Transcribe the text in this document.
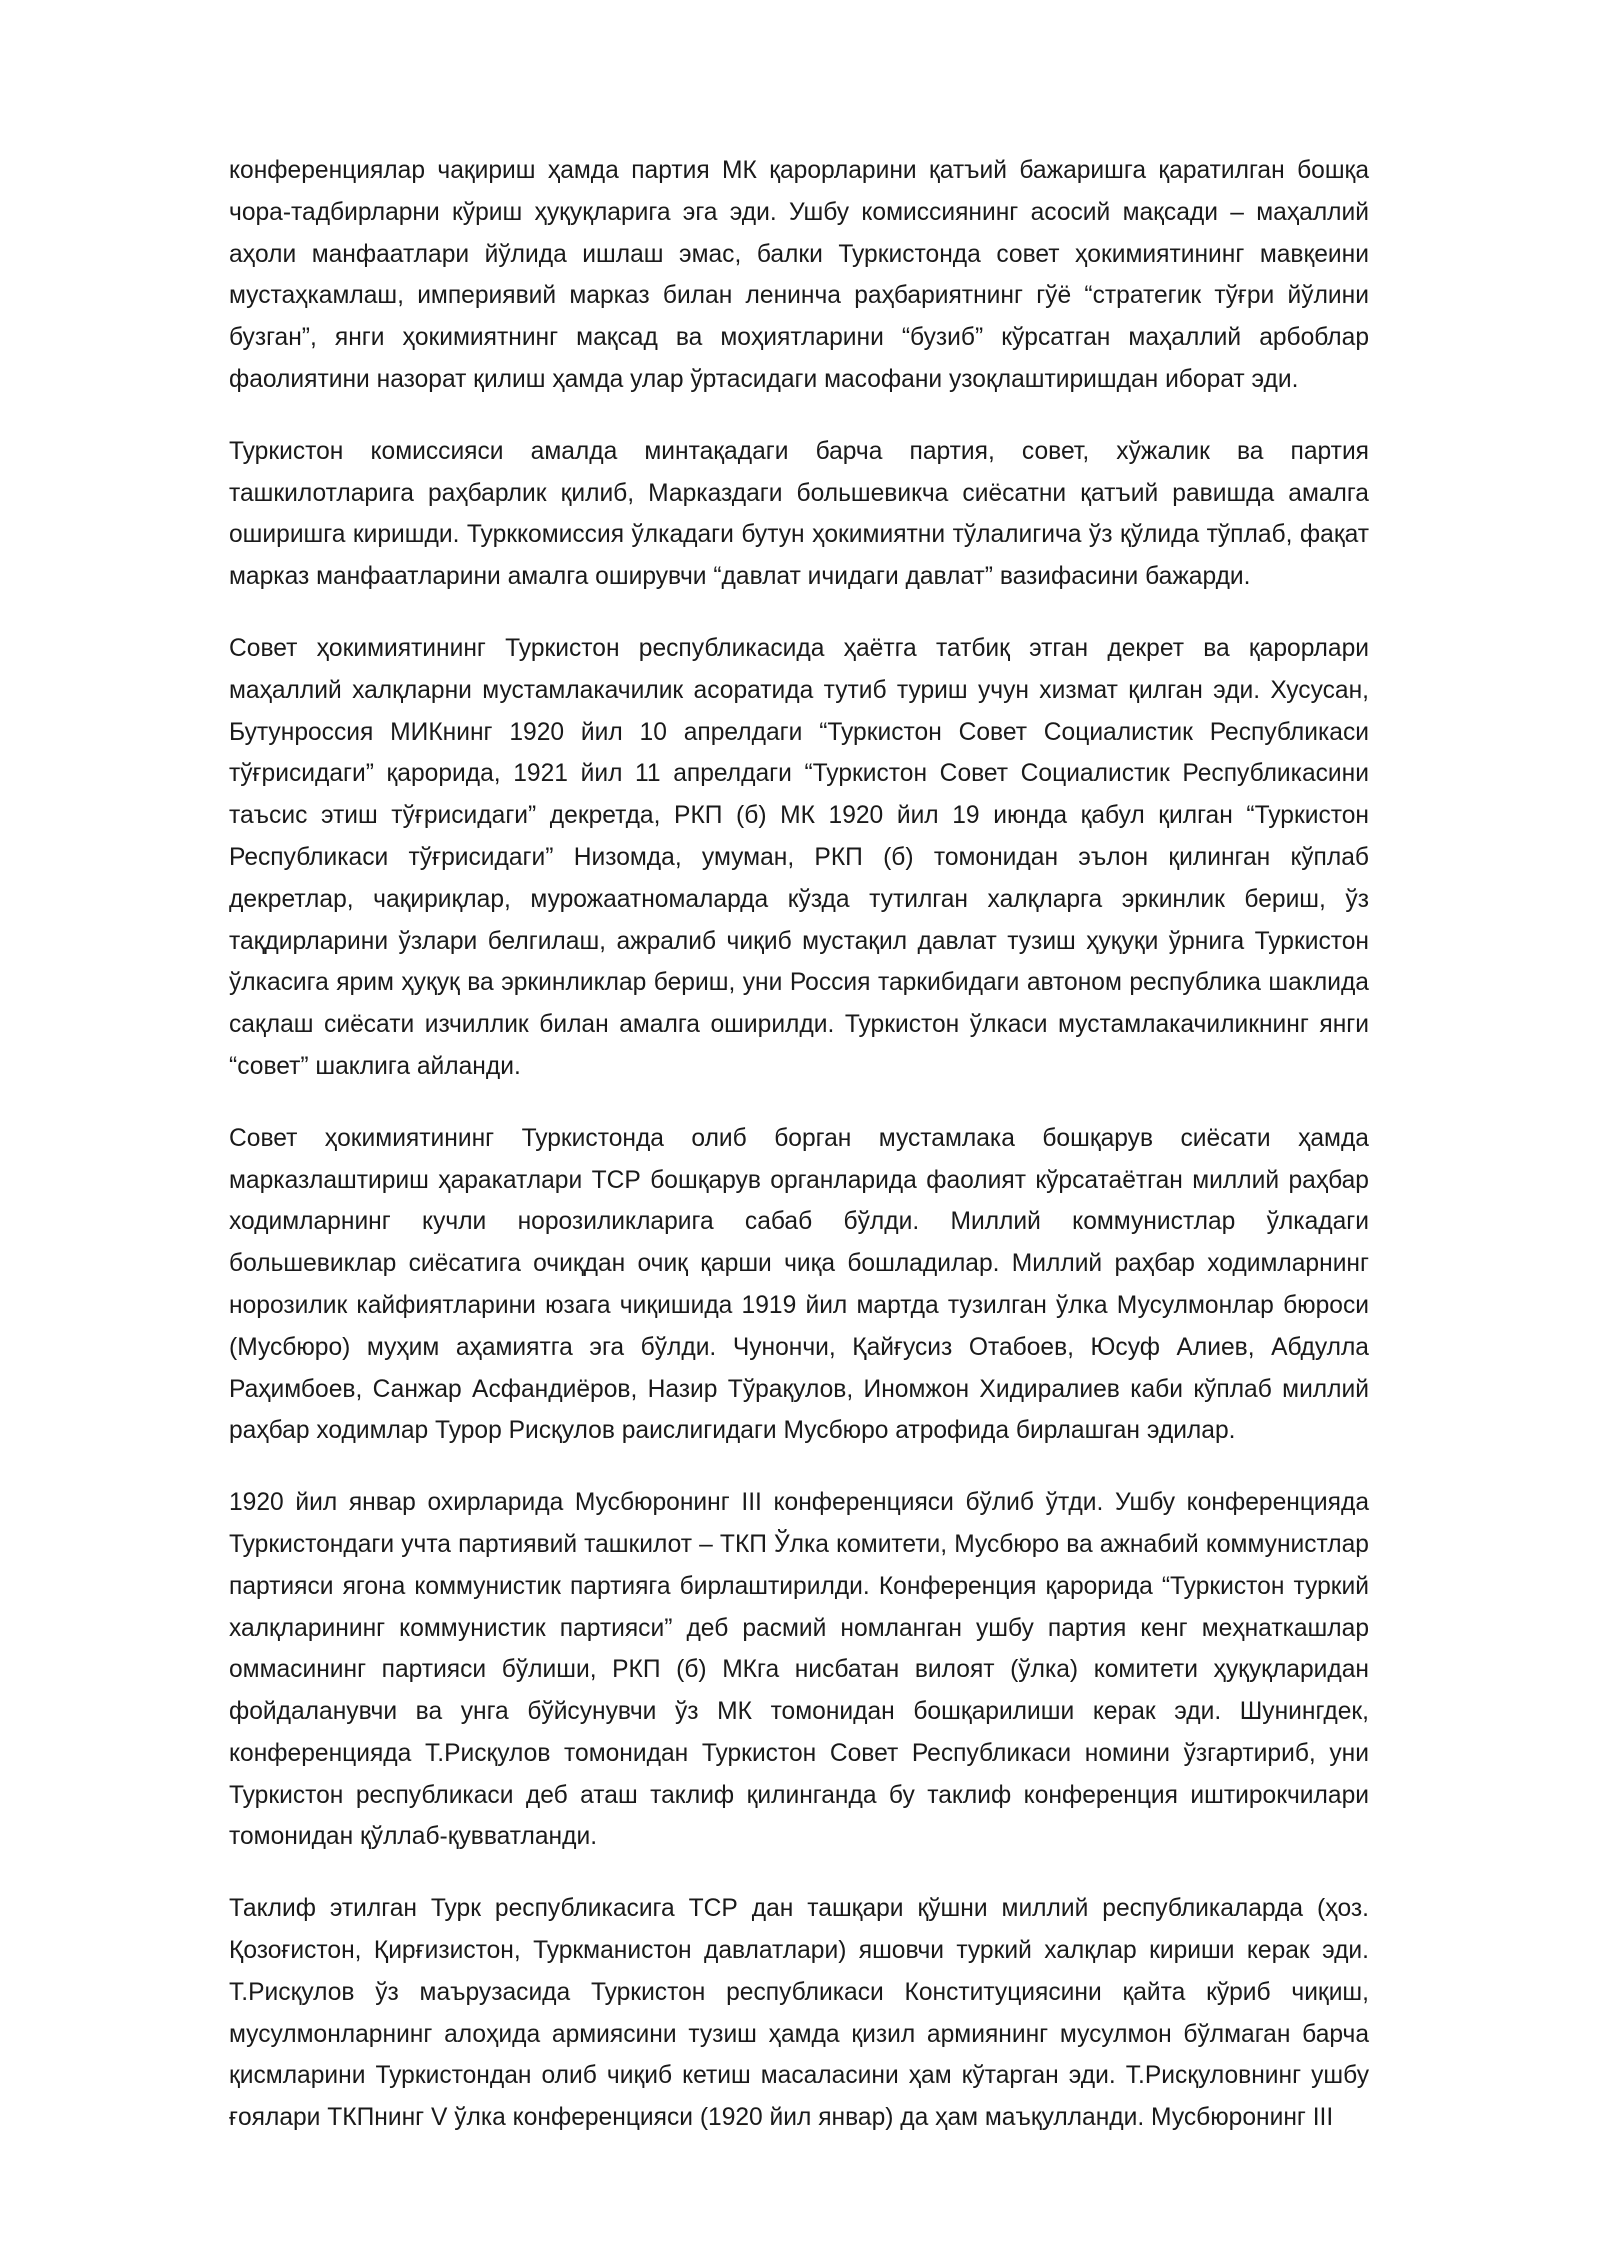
конференциялар чақириш ҳамда партия МК қарорларини қатъий бажаришга қаратилган бошқа чора-тадбирларни кўриш ҳуқуқларига эга эди. Ушбу комиссиянинг асосий мақсади – маҳаллий аҳоли манфаатлари йўлида ишлаш эмас, балки Туркистонда совет ҳокимиятининг мавқеини мустаҳкамлаш, империявий марказ билан ленинча раҳбариятнинг гўё “стратегик тўғри йўлини бузган”, янги ҳокимиятнинг мақсад ва моҳиятларини “бузиб” кўрсатган маҳаллий арбоблар фаолиятини назорат қилиш ҳамда улар ўртасидаги масофани узоқлаштиришдан иборат эди.

Туркистон комиссияси амалда минтақадаги барча партия, совет, хўжалик ва партия ташкилотларига раҳбарлик қилиб, Марказдаги большевикча сиёсатни қатъий равишда амалга оширишга киришди. Турккомиссия ўлкадаги бутун ҳокимиятни тўлалигича ўз қўлида тўплаб, фақат марказ манфаатларини амалга оширувчи “давлат ичидаги давлат” вазифасини бажарди.

Совет ҳокимиятининг Туркистон республикасида ҳаётга татбиқ этган декрет ва қарорлари маҳаллий халқларни мустамлакачилик асоратида тутиб туриш учун хизмат қилган эди. Хусусан, Бутунроссия МИКнинг 1920 йил 10 апрелдаги “Туркистон Совет Социалистик Республикаси тўғрисидаги” қарорида, 1921 йил 11 апрелдаги “Туркистон Совет Социалистик Республикасини таъсис этиш тўғрисидаги” декретда, РКП (б) МК 1920 йил 19 июнда қабул қилган “Туркистон Республикаси тўғрисидаги” Низомда, умуман, РКП (б) томонидан эълон қилинган кўплаб декретлар, чақириқлар, мурожаатномаларда кўзда тутилган халқларга эркинлик бериш, ўз тақдирларини ўзлари белгилаш, ажралиб чиқиб мустақил давлат тузиш ҳуқуқи ўрнига Туркистон ўлкасига ярим ҳуқуқ ва эркинликлар бериш, уни Россия таркибидаги автоном республика шаклида сақлаш сиёсати изчиллик билан амалга оширилди. Туркистон ўлкаси мустамлакачиликнинг янги “совет” шаклига айланди.

Совет ҳокимиятининг Туркистонда олиб борган мустамлака бошқарув сиёсати ҳамда марказлаштириш ҳаракатлари ТСР бошқарув органларида фаолият кўрсатаётган миллий раҳбар ходимларнинг кучли норозиликларига сабаб бўлди. Миллий коммунистлар ўлкадаги большевиклар сиёсатига очиқдан очиқ қарши чиқа бошладилар. Миллий раҳбар ходимларнинг норозилик кайфиятларини юзага чиқишида 1919 йил мартда тузилган ўлка Мусулмонлар бюроси (Мусбюро) муҳим аҳамиятга эга бўлди. Чунончи, Қайғусиз Отабоев, Юсуф Алиев, Абдулла Раҳимбоев, Санжар Асфандиёров, Назир Тўрақулов, Иномжон Хидиралиев каби кўплаб миллий раҳбар ходимлар Турор Рисқулов раислигидаги Мусбюро атрофида бирлашган эдилар.

1920 йил январ охирларида Мусбюронинг III конференцияси бўлиб ўтди. Ушбу конференцияда Туркистондаги учта партиявий ташкилот – ТКП Ўлка комитети, Мусбюро ва ажнабий коммунистлар партияси ягона коммунистик партияга бирлаштирилди. Конференция қарорида “Туркистон туркий халқларининг коммунистик партияси” деб расмий номланган ушбу партия кенг меҳнаткашлар оммасининг партияси бўлиши, РКП (б) МКга нисбатан вилоят (ўлка) комитети ҳуқуқларидан фойдаланувчи ва унга бўйсунувчи ўз МК томонидан бошқарилиши керак эди. Шунингдек, конференцияда Т.Рисқулов томонидан Туркистон Совет Республикаси номини ўзгартириб, уни Туркистон республикаси деб аташ таклиф қилинганда бу таклиф конференция иштирокчилари томонидан қўллаб-қувватланди.

Таклиф этилган Турк республикасига ТСР дан ташқари қўшни миллий республикаларда (ҳоз. Қозоғистон, Қирғизистон, Туркманистон давлатлари) яшовчи туркий халқлар кириши керак эди. Т.Рисқулов ўз маърузасида Туркистон республикаси Конституциясини қайта кўриб чиқиш, мусулмонларнинг алоҳида армиясини тузиш ҳамда қизил армиянинг мусулмон бўлмаган барча қисмларини Туркистондан олиб чиқиб кетиш масаласини ҳам кўтарган эди. Т.Рисқуловнинг ушбу ғоялари ТКПнинг V ўлка конференцияси (1920 йил январ) да ҳам маъқулланди. Мусбюронинг III
